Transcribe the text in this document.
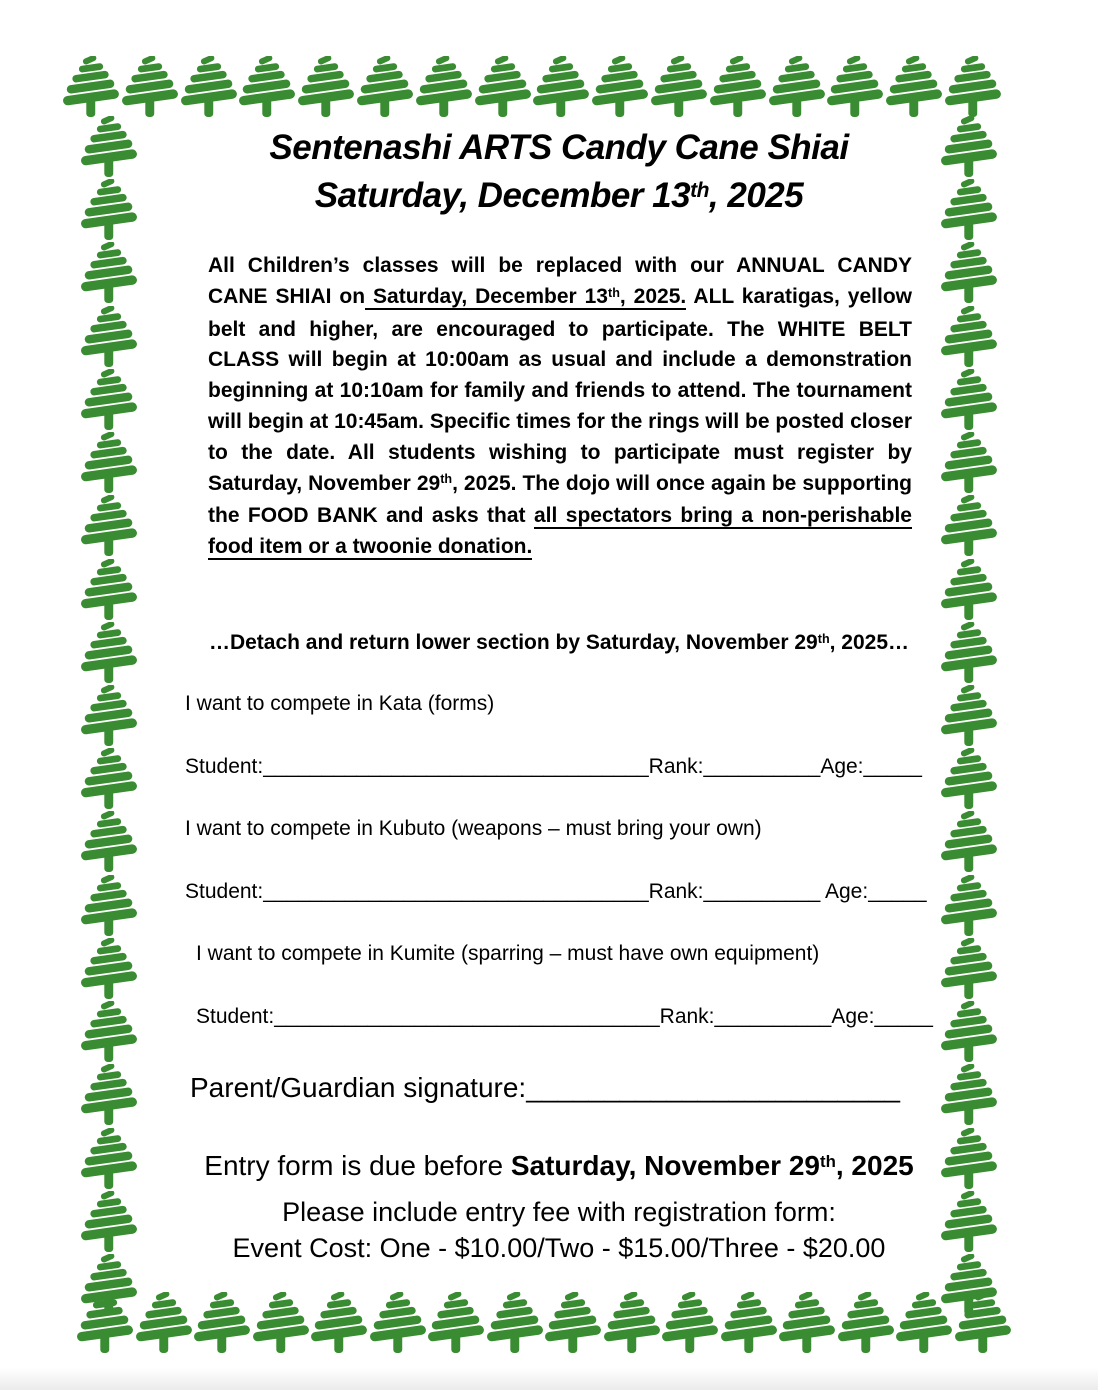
Sentenashi ARTS Candy Cane Shiai
Saturday, December 13th, 2025

All Children’s classes will be replaced with our ANNUAL CANDY CANE SHIAI on Saturday, December 13th, 2025. ALL karatigas, yellow belt and higher, are encouraged to participate. The WHITE BELT CLASS will begin at 10:00am as usual and include a demonstration beginning at 10:10am for family and friends to attend. The tournament will begin at 10:45am. Specific times for the rings will be posted closer to the date. All students wishing to participate must register by Saturday, November 29th, 2025. The dojo will once again be supporting the FOOD BANK and asks that all spectators bring a non-perishable food item or a twoonie donation.

…Detach and return lower section by Saturday, November 29th, 2025…
I want to compete in Kata (forms)
Student:_________________________________Rank:__________Age:_____
I want to compete in Kubuto (weapons – must bring your own)
Student:_________________________________Rank:__________ Age:_____
I want to compete in Kumite (sparring – must have own equipment)
Student:_________________________________Rank:__________Age:_____
Parent/Guardian signature:________________________
Entry form is due before Saturday, November 29th, 2025
Please include entry fee with registration form:
Event Cost: One - $10.00/Two - $15.00/Three - $20.00
